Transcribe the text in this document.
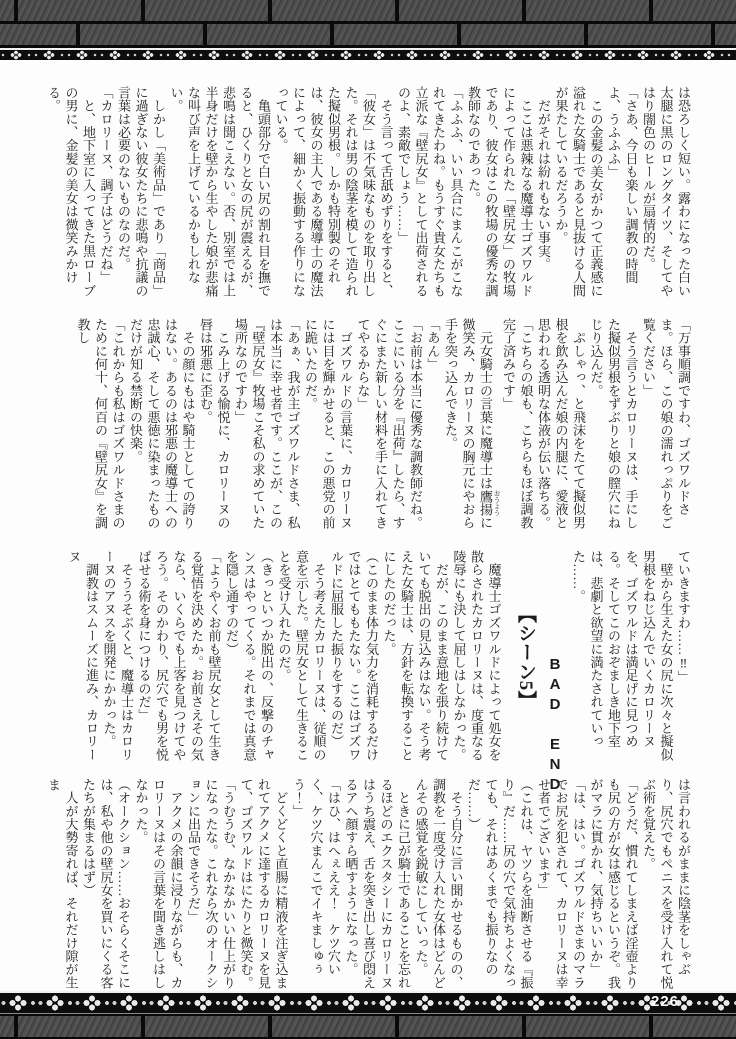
は恐ろしく短い。露わになった白い太腿に黒のロングタイツ、そしてやはり闇色のヒールが扇情的だ。

「さあ、今日も楽しい調教の時間よ、うふふふ」

　この金髪の美女がかつて正義感に溢れた女騎士であると見抜ける人間が果たしているだろうか。

　だがそれは紛れもない事実。

　ここは悪辣なる魔導士ゴズワルドによって作られた「壁尻女」の牧場であり、彼女はこの牧場の優秀な調教師なのであった。

「ふふふ、いい具合にまんこがこなれてきたわね。もうすぐ貴女たちも立派な『壁尻女』として出荷されるのよ、素敵でしょう……」

　そう言って舌舐めずりをすると、「彼女」は不気味なものを取り出した。それは男の陰茎を模して造られた擬似男根。しかも特別製のそれは、彼女の主人である魔導士の魔法によって、細かく振動する作りになっている。

　亀頭部分で白い尻の割れ目を撫でると、ひくりと女の尻が震えるが、悲鳴は聞こえない。否、別室では上半身だけを壁から生やした娘が悲痛な叫び声を上げているかもしれない。

　しかし「美術品」であり「商品」に過ぎない彼女たちに悲鳴や抗議の言葉は必要のないものなのだ。

「カロリーヌ、調子はどうだね」

　と、地下室に入ってきた黒ローブの男に、金髪の美女は微笑みかける。

「万事順調ですわ、ゴズワルドさま。ほら、この娘の濡れっぷりをご覧ください」

　そう言うとカロリーヌは、手にした擬似男根をずぶりと娘の膣穴にねじり込んだ。

　ぷしゃっ、と飛沫をたてて擬似男根を飲み込んだ娘の内腿に、愛液と思われる透明な体液が伝い落ちる。

「こちらの娘も、こちらもほぼ調教完了済みです」

　元女騎士の言葉に魔導士は鷹揚 おうように微笑み、カロリーヌの胸元にやおら手を突っ込んできた。

「あん」

「お前は本当に優秀な調教師だね。ここにいる分を『出荷』したら、すぐにまた新しい材料を手に入れてきてやるからな」

　ゴズワルドの言葉に、カロリーヌには目を輝かせると、この悪党の前に跪いたのだ。

「あぁ、我が主ゴズワルドさま、私は本当に幸せ者です。ここが、この『壁尻女』牧場こそ私の求めていた場所なのですわ」

　こみ上げる愉悦に、カロリーヌの唇は邪悪に歪む。

　その顔にもはや騎士としての誇りはない。あるのは邪悪の魔導士への忠誠心、そして悪徳に染まったものだけが知る禁断の快楽。

「これからも私はゴズワルドさまのために何十、何百の『壁尻女』を調教し

ていきますわ……‼」

　壁から生えた女の尻に次々と擬似男根をねじ込んでいくカロリーヌを、ゴズワルドは満足げに見つめる。そしてこのおぞましき地下室は、悲劇と欲望に満たされていった……。

BAD END
【シーン5】

　魔導士ゴズワルドによって処女を散らされたカロリーヌは、度重なる陵辱にも決して屈しはしなかった。

　だが、このまま意地を張り続けていても脱出の見込みはない。そう考えた女騎士は、方針を転換することにしたのだった。

（このまま体力気力を消耗するだけではとてももたない。ここはゴズワルドに屈服した振りをするのだ）

　そう考えたカロリーヌは、従順の意を示した。壁尻女として生きることを受け入れたのだ。

（きっといつか脱出の、反撃のチャンスはやってくる。それまでは真意を隠し通すのだ）

「ようやくお前も壁尻女として生きる覚悟を決めたか。お前さえその気なら、いくらでも上客を見つけてやろう。そのかわり、尻穴でも男を悦ばせる術を身につけるのだ」

　そううそぶくと、魔導士はカロリーヌのアヌスを開発にかかった。

　調教はスムーズに進み、カロリーヌ

は言われるがままに陰茎をしゃぶり、尻穴でもペニスを受け入れて悦ぶ術を覚えた。

「どうだ、慣れてしまえば淫壺よりも尻の方が女は感じるというぞ。我がマラに貫かれ、気持ちいいか」

「は、はい。ゴズワルドさまのマラでお尻を犯されて、カロリーヌは幸せ者でございます」

（これは、ヤツらを油断させる『振り』だ……尻の穴で気持ちよくなっても、それはあくまでも振りなのだ……）

　そう自分に言い聞かせるものの、調教を一度受け入れた女体はどんどんその感覚を鋭敏にしていった。

　ときに己が騎士であることを忘れるほどのエクスタシーにカロリーヌはうち震え、舌を突き出し喜び悶えるアヘ顔すら晒すようになった。

「はひ、はへぇええ！　ケツ穴いく、ケツ穴まんこでイキましゅぅう！」

　どくどくと直腸に精液を注ぎ込まれてアクメに達するカロリーヌを見て、ゴズワルドはにたりと微笑む。

「うむうむ、なかなかいい仕上がりになったな。これなら次のオークションに出品できそうだ」

　アクメの余韻に浸りながらも、カロリーヌはその言葉を聞き逃しはしなかった。

（オークション……おそらくそこには、私や他の壁尻女を買いにくる客たちが集まるはず）

　人が大勢寄れば、それだけ隙が生ま

226
